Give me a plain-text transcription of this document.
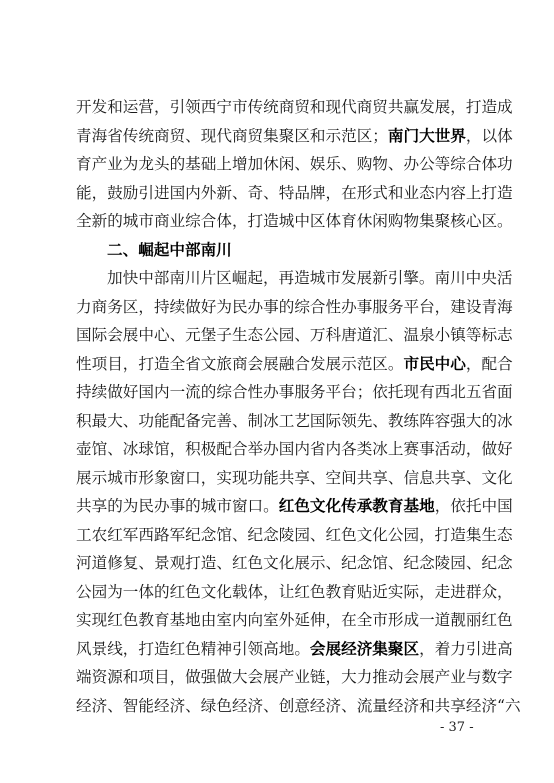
开发和运营，引领西宁市传统商贸和现代商贸共赢发展，打造成
青海省传统商贸、现代商贸集聚区和示范区；南门大世界，以体
育产业为龙头的基础上增加休闲、娱乐、购物、办公等综合体功
能，鼓励引进国内外新、奇、特品牌，在形式和业态内容上打造
全新的城市商业综合体，打造城中区体育休闲购物集聚核心区。
二、崛起中部南川
加快中部南川片区崛起，再造城市发展新引擎。南川中央活
力商务区，持续做好为民办事的综合性办事服务平台，建设青海
国际会展中心、元堡子生态公园、万科唐道汇、温泉小镇等标志
性项目，打造全省文旅商会展融合发展示范区。市民中心，配合
持续做好国内一流的综合性办事服务平台；依托现有西北五省面
积最大、功能配备完善、制冰工艺国际领先、教练阵容强大的冰
壶馆、冰球馆，积极配合举办国内省内各类冰上赛事活动，做好
展示城市形象窗口，实现功能共享、空间共享、信息共享、文化
共享的为民办事的城市窗口。红色文化传承教育基地，依托中国
工农红军西路军纪念馆、纪念陵园、红色文化公园，打造集生态
河道修复、景观打造、红色文化展示、纪念馆、纪念陵园、纪念
公园为一体的红色文化载体，让红色教育贴近实际，走进群众，
实现红色教育基地由室内向室外延伸，在全市形成一道靓丽红色
风景线，打造红色精神引领高地。会展经济集聚区，着力引进高
端资源和项目，做强做大会展产业链，大力推动会展产业与数字
经济、智能经济、绿色经济、创意经济、流量经济和共享经济“六
- 37 -
